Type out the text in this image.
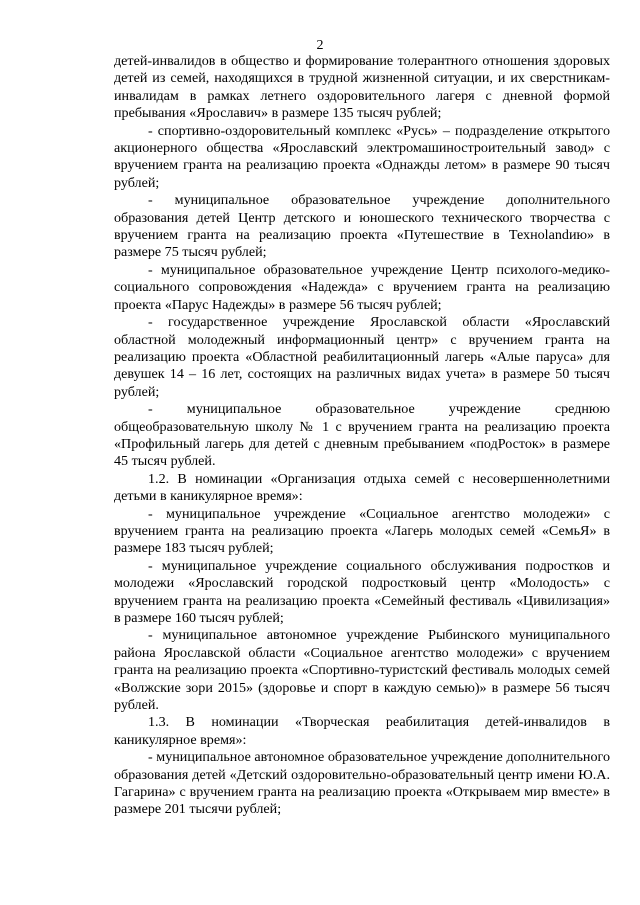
2

детей-инвалидов в общество и формирование толерантного отношения здоровых детей из семей, находящихся в трудной жизненной ситуации, и их сверстникам-инвалидам в рамках летнего оздоровительного лагеря с дневной формой пребывания «Ярославич» в размере 135 тысяч рублей;

- спортивно-оздоровительный комплекс «Русь» – подразделение открытого акционерного общества «Ярославский электромашиностроительный завод» с вручением гранта на реализацию проекта «Однажды летом» в размере 90 тысяч рублей;

- муниципальное образовательное учреждение дополнительного образования детей Центр детского и юношеского технического творчества с вручением гранта на реализацию проекта «Путешествие в Технolandию» в размере 75 тысяч рублей;

- муниципальное образовательное учреждение Центр психолого-медико-социального сопровождения «Надежда» с вручением гранта на реализацию проекта «Парус Надежды» в размере 56 тысяч рублей;

- государственное учреждение Ярославской области «Ярославский областной молодежный информационный центр» с вручением гранта на реализацию проекта «Областной реабилитационный лагерь «Алые паруса» для девушек 14 – 16 лет, состоящих на различных видах учета» в размере 50 тысяч рублей;

- муниципальное образовательное учреждение среднюю общеобразовательную школу № 1 с вручением гранта на реализацию проекта «Профильный лагерь для детей с дневным пребыванием «подРосток» в размере 45 тысяч рублей.

1.2. В номинации «Организация отдыха семей с несовершеннолетними детьми в каникулярное время»:

- муниципальное учреждение «Социальное агентство молодежи» с вручением гранта на реализацию проекта «Лагерь молодых семей «СемьЯ» в размере 183 тысяч рублей;

- муниципальное учреждение социального обслуживания подростков и молодежи «Ярославский городской подростковый центр «Молодость» с вручением гранта на реализацию проекта «Семейный фестиваль «Цивилизация» в размере 160 тысяч рублей;

- муниципальное автономное учреждение Рыбинского муниципального района Ярославской области «Социальное агентство молодежи» с вручением гранта на реализацию проекта «Спортивно-туристский фестиваль молодых семей «Волжские зори 2015» (здоровье и спорт в каждую семью)» в размере 56 тысяч рублей.

1.3. В номинации «Творческая реабилитация детей-инвалидов в каникулярное время»:

- муниципальное автономное образовательное учреждение дополнительного образования детей «Детский оздоровительно-образовательный центр имени Ю.А. Гагарина» с вручением гранта на реализацию проекта «Открываем мир вместе» в размере 201 тысячи рублей;
